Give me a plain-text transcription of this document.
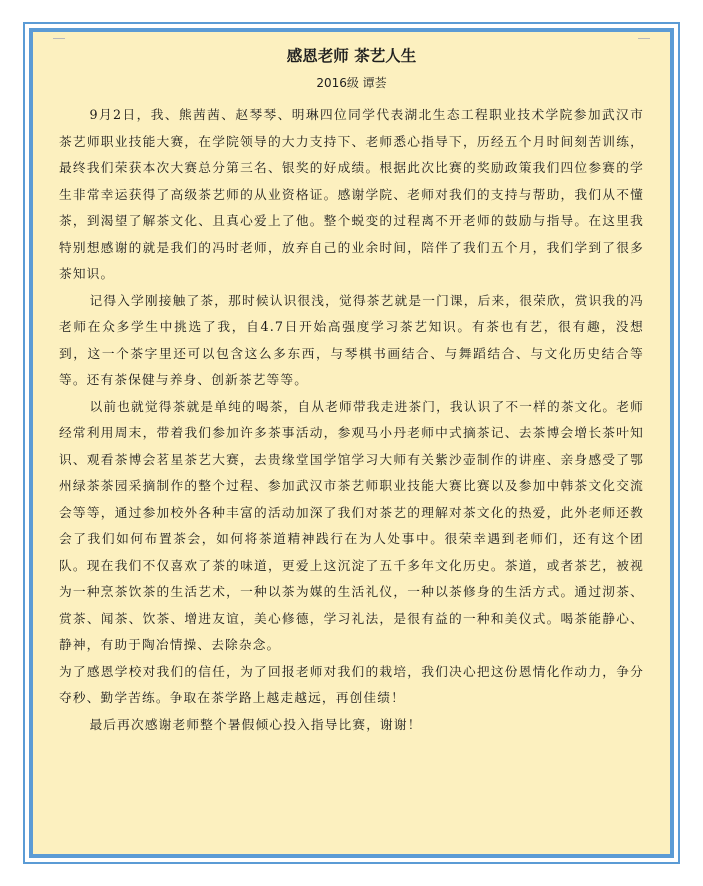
感恩老师 茶艺人生
2016级 谭荟

9月2日，我、熊茜茜、赵琴琴、明琳四位同学代表湖北生态工程职业技术学院参加武汉市茶艺师职业技能大赛，在学院领导的大力支持下、老师悉心指导下，历经五个月时间刻苦训练，最终我们荣获本次大赛总分第三名、银奖的好成绩。根据此次比赛的奖励政策我们四位参赛的学生非常幸运获得了高级茶艺师的从业资格证。感谢学院、老师对我们的支持与帮助，我们从不懂茶，到渴望了解茶文化、且真心爱上了他。整个蜕变的过程离不开老师的鼓励与指导。在这里我特别想感谢的就是我们的冯时老师，放弃自己的业余时间，陪伴了我们五个月，我们学到了很多茶知识。

记得入学刚接触了茶，那时候认识很浅，觉得茶艺就是一门课，后来，很荣欣，赏识我的冯老师在众多学生中挑选了我，自4.7日开始高强度学习茶艺知识。有茶也有艺，很有趣，没想到，这一个茶字里还可以包含这么多东西，与琴棋书画结合、与舞蹈结合、与文化历史结合等等。还有茶保健与养身、创新茶艺等等。

以前也就觉得茶就是单纯的喝茶，自从老师带我走进茶门，我认识了不一样的茶文化。老师经常利用周末，带着我们参加许多茶事活动，参观马小丹老师中式摘茶记、去茶博会增长茶叶知识、观看茶博会茗星茶艺大赛，去贵缘堂国学馆学习大师有关紫沙壶制作的讲座、亲身感受了鄂州绿茶茶园采摘制作的整个过程、参加武汉市茶艺师职业技能大赛比赛以及参加中韩茶文化交流会等等，通过参加校外各种丰富的活动加深了我们对茶艺的理解对茶文化的热爱，此外老师还教会了我们如何布置茶会，如何将茶道精神践行在为人处事中。很荣幸遇到老师们，还有这个团队。现在我们不仅喜欢了茶的味道，更爱上这沉淀了五千多年文化历史。茶道，或者茶艺，被视为一种烹茶饮茶的生活艺术，一种以茶为媒的生活礼仪，一种以茶修身的生活方式。通过沏茶、赏茶、闻茶、饮茶、增进友谊，美心修德，学习礼法，是很有益的一种和美仪式。喝茶能静心、静神，有助于陶冶情操、去除杂念。

为了感恩学校对我们的信任，为了回报老师对我们的栽培，我们决心把这份恩情化作动力，争分夺秒、勤学苦练。争取在茶学路上越走越远，再创佳绩！

最后再次感谢老师整个暑假倾心投入指导比赛，谢谢！
